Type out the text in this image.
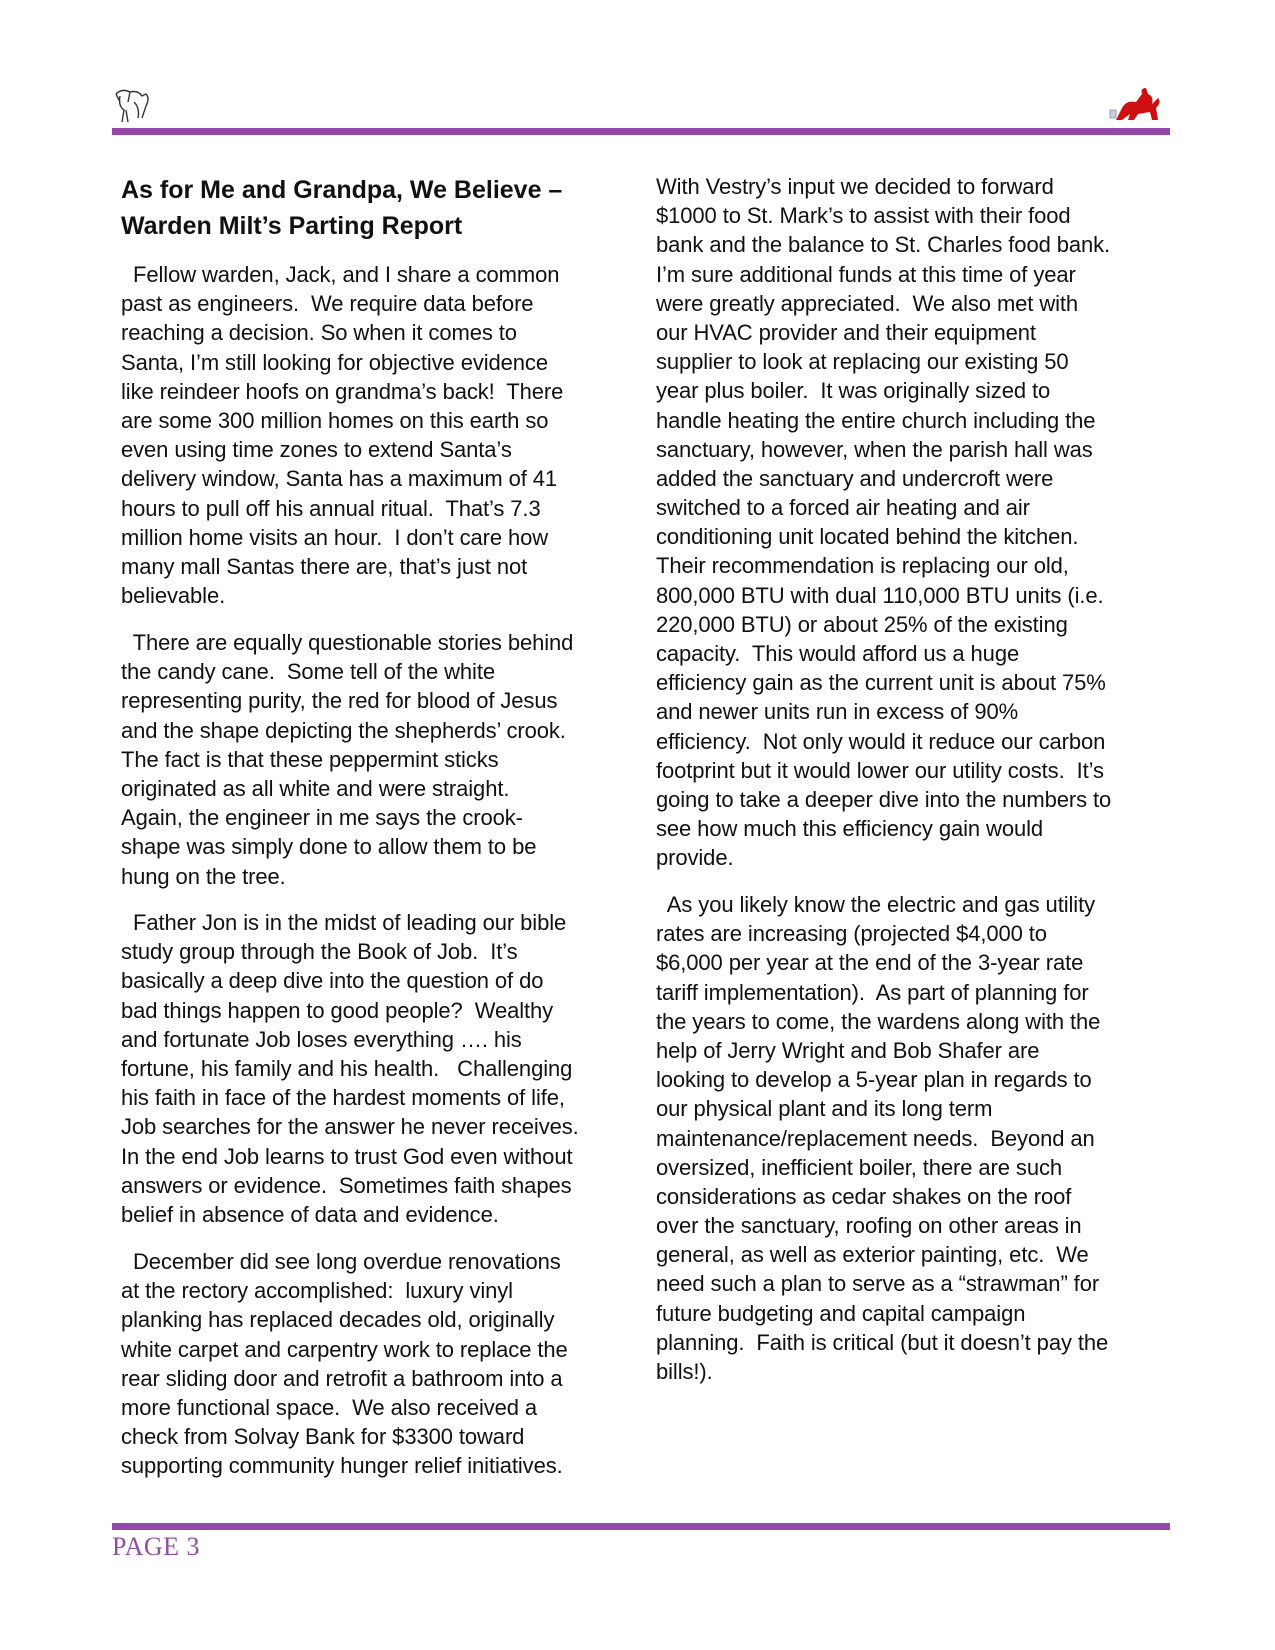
As for Me and Grandpa, We Believe –
Warden Milt’s Parting Report
Fellow warden, Jack, and I share a common
past as engineers.  We require data before
reaching a decision. So when it comes to
Santa, I’m still looking for objective evidence
like reindeer hoofs on grandma’s back!  There
are some 300 million homes on this earth so
even using time zones to extend Santa’s
delivery window, Santa has a maximum of 41
hours to pull off his annual ritual.  That’s 7.3
million home visits an hour.  I don’t care how
many mall Santas there are, that’s just not
believable.
There are equally questionable stories behind
the candy cane.  Some tell of the white
representing purity, the red for blood of Jesus
and the shape depicting the shepherds’ crook.
The fact is that these peppermint sticks
originated as all white and were straight.
Again, the engineer in me says the crook-
shape was simply done to allow them to be
hung on the tree.
Father Jon is in the midst of leading our bible
study group through the Book of Job.  It’s
basically a deep dive into the question of do
bad things happen to good people?  Wealthy
and fortunate Job loses everything …. his
fortune, his family and his health.   Challenging
his faith in face of the hardest moments of life,
Job searches for the answer he never receives.
In the end Job learns to trust God even without
answers or evidence.  Sometimes faith shapes
belief in absence of data and evidence.
December did see long overdue renovations
at the rectory accomplished:  luxury vinyl
planking has replaced decades old, originally
white carpet and carpentry work to replace the
rear sliding door and retrofit a bathroom into a
more functional space.  We also received a
check from Solvay Bank for $3300 toward
supporting community hunger relief initiatives.
With Vestry’s input we decided to forward
$1000 to St. Mark’s to assist with their food
bank and the balance to St. Charles food bank.
I’m sure additional funds at this time of year
were greatly appreciated.  We also met with
our HVAC provider and their equipment
supplier to look at replacing our existing 50
year plus boiler.  It was originally sized to
handle heating the entire church including the
sanctuary, however, when the parish hall was
added the sanctuary and undercroft were
switched to a forced air heating and air
conditioning unit located behind the kitchen.
Their recommendation is replacing our old,
800,000 BTU with dual 110,000 BTU units (i.e.
220,000 BTU) or about 25% of the existing
capacity.  This would afford us a huge
efficiency gain as the current unit is about 75%
and newer units run in excess of 90%
efficiency.  Not only would it reduce our carbon
footprint but it would lower our utility costs.  It’s
going to take a deeper dive into the numbers to
see how much this efficiency gain would
provide.
As you likely know the electric and gas utility
rates are increasing (projected $4,000 to
$6,000 per year at the end of the 3-year rate
tariff implementation).  As part of planning for
the years to come, the wardens along with the
help of Jerry Wright and Bob Shafer are
looking to develop a 5-year plan in regards to
our physical plant and its long term
maintenance/replacement needs.  Beyond an
oversized, inefficient boiler, there are such
considerations as cedar shakes on the roof
over the sanctuary, roofing on other areas in
general, as well as exterior painting, etc.  We
need such a plan to serve as a “strawman” for
future budgeting and capital campaign
planning.  Faith is critical (but it doesn’t pay the
bills!).
PAGE 3
